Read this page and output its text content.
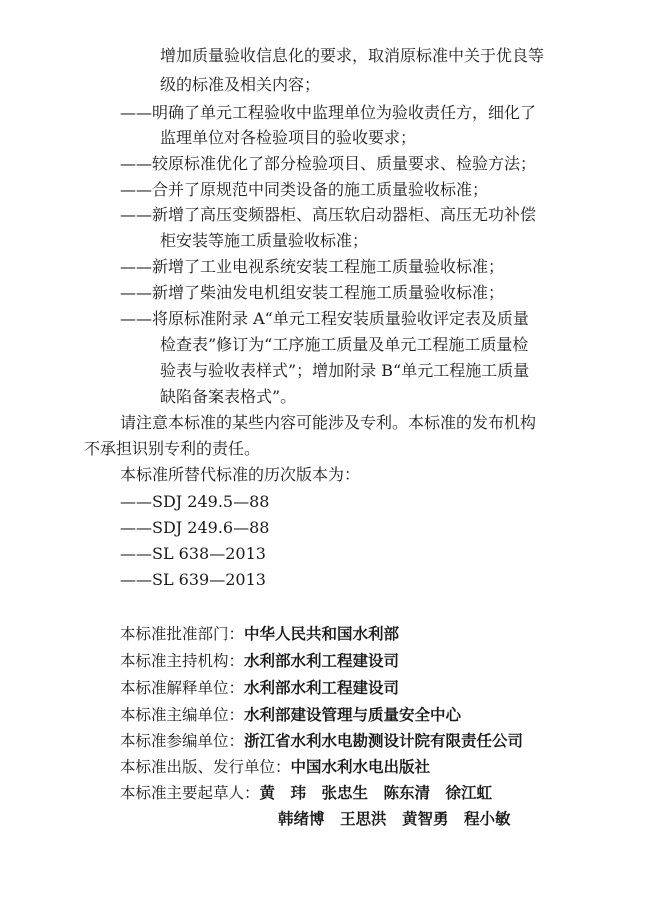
增加质量验收信息化的要求，取消原标准中关于优良等
级的标准及相关内容；
——明确了单元工程验收中监理单位为验收责任方，细化了
监理单位对各检验项目的验收要求；
——较原标准优化了部分检验项目、质量要求、检验方法；
——合并了原规范中同类设备的施工质量验收标准；
——新增了高压变频器柜、高压软启动器柜、高压无功补偿
柜安装等施工质量验收标准；
——新增了工业电视系统安装工程施工质量验收标准；
——新增了柴油发电机组安装工程施工质量验收标准；
——将原标准附录 A“单元工程安装质量验收评定表及质量
检查表”修订为“工序施工质量及单元工程施工质量检
验表与验收表样式”；增加附录 B“单元工程施工质量
缺陷备案表格式”。
请注意本标准的某些内容可能涉及专利。本标准的发布机构
不承担识别专利的责任。
本标准所替代标准的历次版本为：
——SDJ 249.5—88
——SDJ 249.6—88
——SL 638—2013
——SL 639—2013
本标准批准部门：中华人民共和国水利部
本标准主持机构：水利部水利工程建设司
本标准解释单位：水利部水利工程建设司
本标准主编单位：水利部建设管理与质量安全中心
本标准参编单位：浙江省水利水电勘测设计院有限责任公司
本标准出版、发行单位：中国水利水电出版社
本标准主要起草人：黄　玮　张忠生　陈东清　徐江虹
韩绪博　王思洪　黄智勇　程小敏
